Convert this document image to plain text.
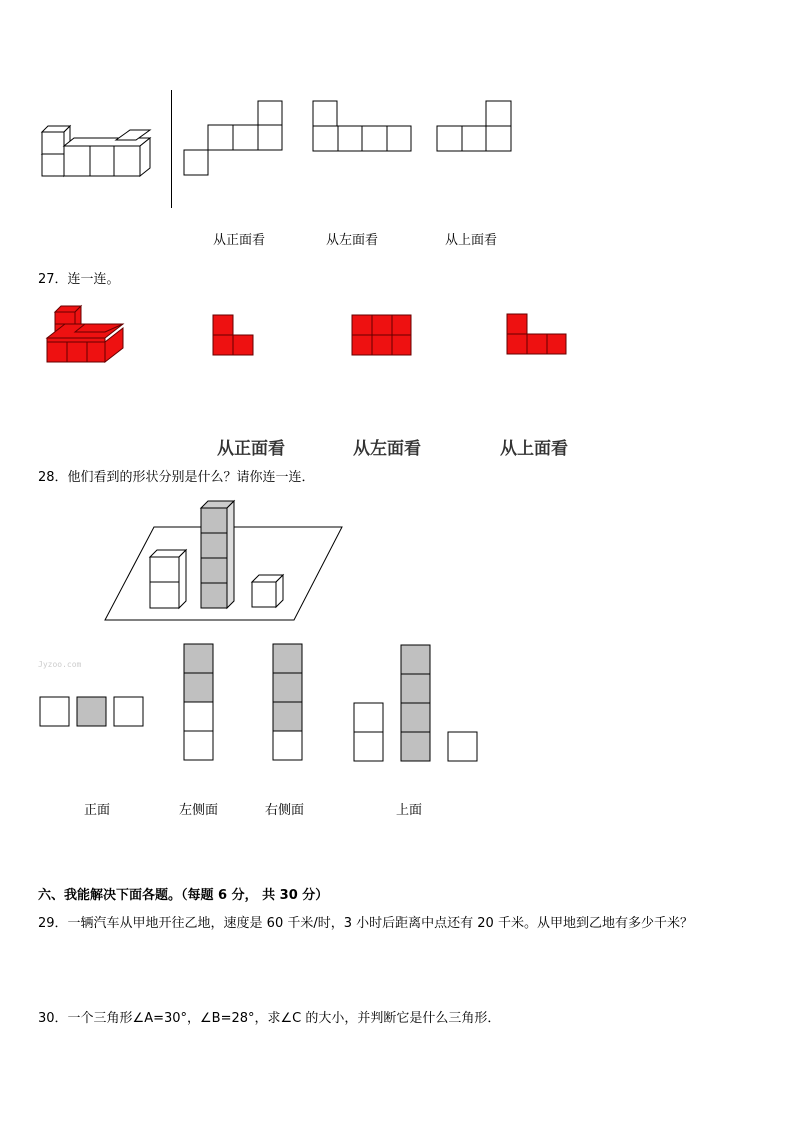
从正面看	从左面看	从上面看
27．连一连。
从正面看	从左面看	从上面看
28．他们看到的形状分别是什么？请你连一连．
Jyzoo.com
正面	左侧面	右侧面	上面
六、我能解决下面各题。（每题 6 分， 共 30 分）
29．一辆汽车从甲地开往乙地，速度是 60 千米/时，3 小时后距离中点还有 20 千米。从甲地到乙地有多少千米？
30．一个三角形∠A=30°，∠B=28°，求∠C 的大小，并判断它是什么三角形．
